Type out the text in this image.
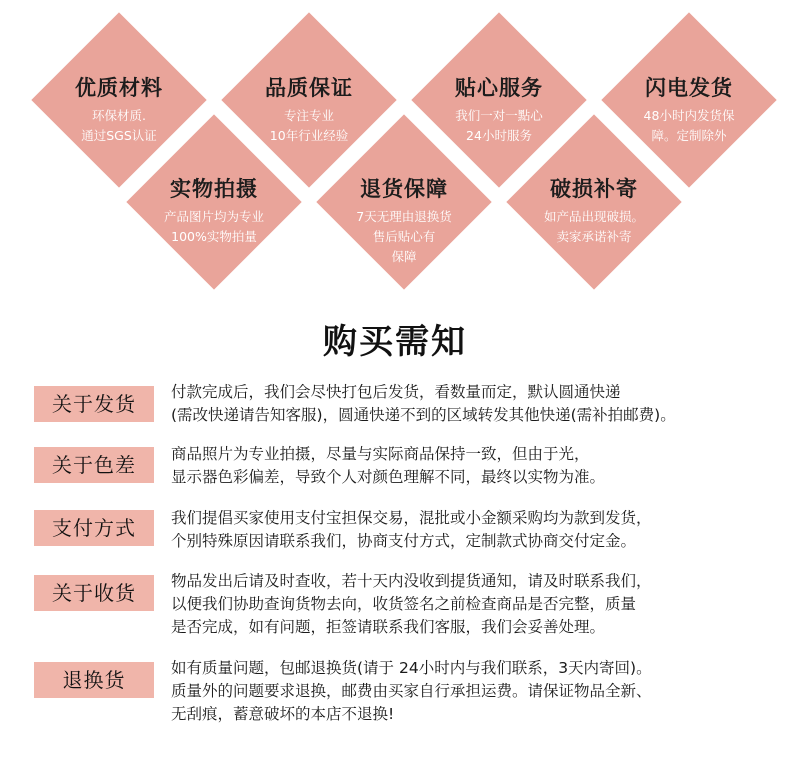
优质材料
环保材质.
通过SGS认证
品质保证
专注专业
10年行业经验
贴心服务
我们一对一點心
24小时服务
闪电发货
48小时内发货保
障。定制除外
实物拍摄
产品图片均为专业
100%实物拍量
退货保障
7天无理由退换货
售后贴心有
保障
破损补寄
如产品出现破损。
卖家承诺补寄
购买需知
关于发货	付款完成后，我们会尽快打包后发货，看数量而定，默认圆通快递
(需改快递请告知客服)，圆通快递不到的区域转发其他快递(需补拍邮费)。
关于色差	商品照片为专业拍摄，尽量与实际商品保持一致，但由于光，
显示器色彩偏差，导致个人对颜色理解不同，最终以实物为准。
支付方式	我们提倡买家使用支付宝担保交易，混批或小金额采购均为款到发货，
个别特殊原因请联系我们，协商支付方式，定制款式协商交付定金。
关于收货	物品发出后请及时查收，若十天内没收到提货通知，请及时联系我们，
以便我们协助查询货物去向，收货签名之前检查商品是否完整，质量
是否完成，如有问题，拒签请联系我们客服，我们会妥善处理。
退换货	如有质量问题，包邮退换货(请于 24小时内与我们联系，3天内寄回)。
质量外的问题要求退换，邮费由买家自行承担运费。请保证物品全新、
无刮痕，蓄意破坏的本店不退换!
